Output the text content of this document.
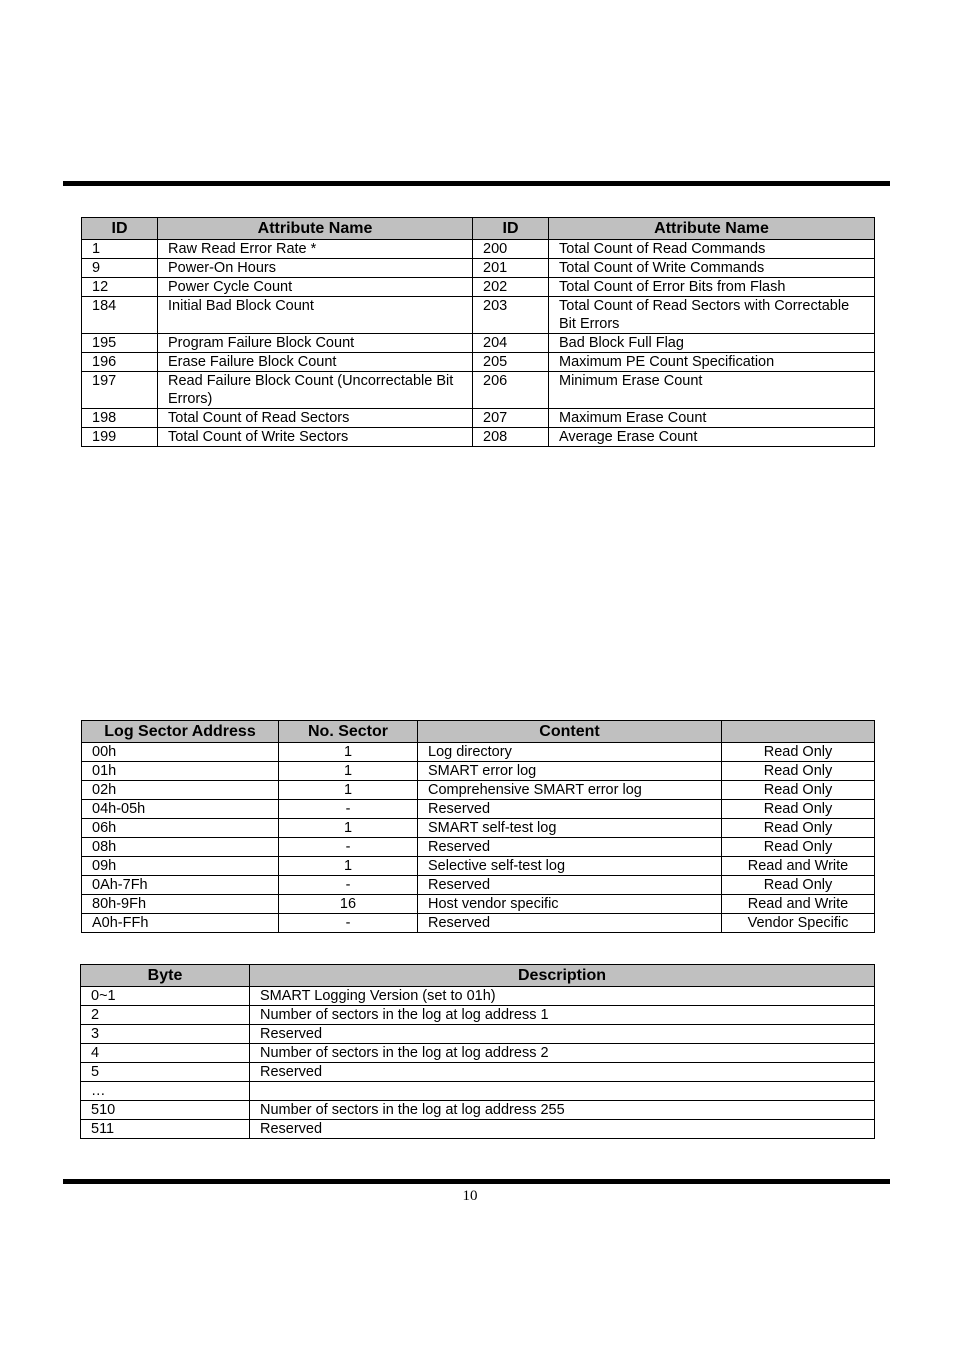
ID	Attribute Name	ID	Attribute Name
1	Raw Read Error Rate *	200	Total Count of Read Commands
9	Power-On Hours	201	Total Count of Write Commands
12	Power Cycle Count	202	Total Count of Error Bits from Flash
184	Initial Bad Block Count	203	Total Count of Read Sectors with Correctable Bit Errors
195	Program Failure Block Count	204	Bad Block Full Flag
196	Erase Failure Block Count	205	Maximum PE Count Specification
197	Read Failure Block Count (Uncorrectable Bit Errors)	206	Minimum Erase Count
198	Total Count of Read Sectors	207	Maximum Erase Count
199	Total Count of Write Sectors	208	Average Erase Count
Log Sector Address	No. Sector	Content	
00h	1	Log directory	Read Only
01h	1	SMART error log	Read Only
02h	1	Comprehensive SMART error log	Read Only
04h-05h	-	Reserved	Read Only
06h	1	SMART self-test log	Read Only
08h	-	Reserved	Read Only
09h	1	Selective self-test log	Read and Write
0Ah-7Fh	-	Reserved	Read Only
80h-9Fh	16	Host vendor specific	Read and Write
A0h-FFh	-	Reserved	Vendor Specific
Byte	Description
0~1	SMART Logging Version (set to 01h)
2	Number of sectors in the log at log address 1
3	Reserved
4	Number of sectors in the log at log address 2
5	Reserved
…	
510	Number of sectors in the log at log address 255
511	Reserved
10
